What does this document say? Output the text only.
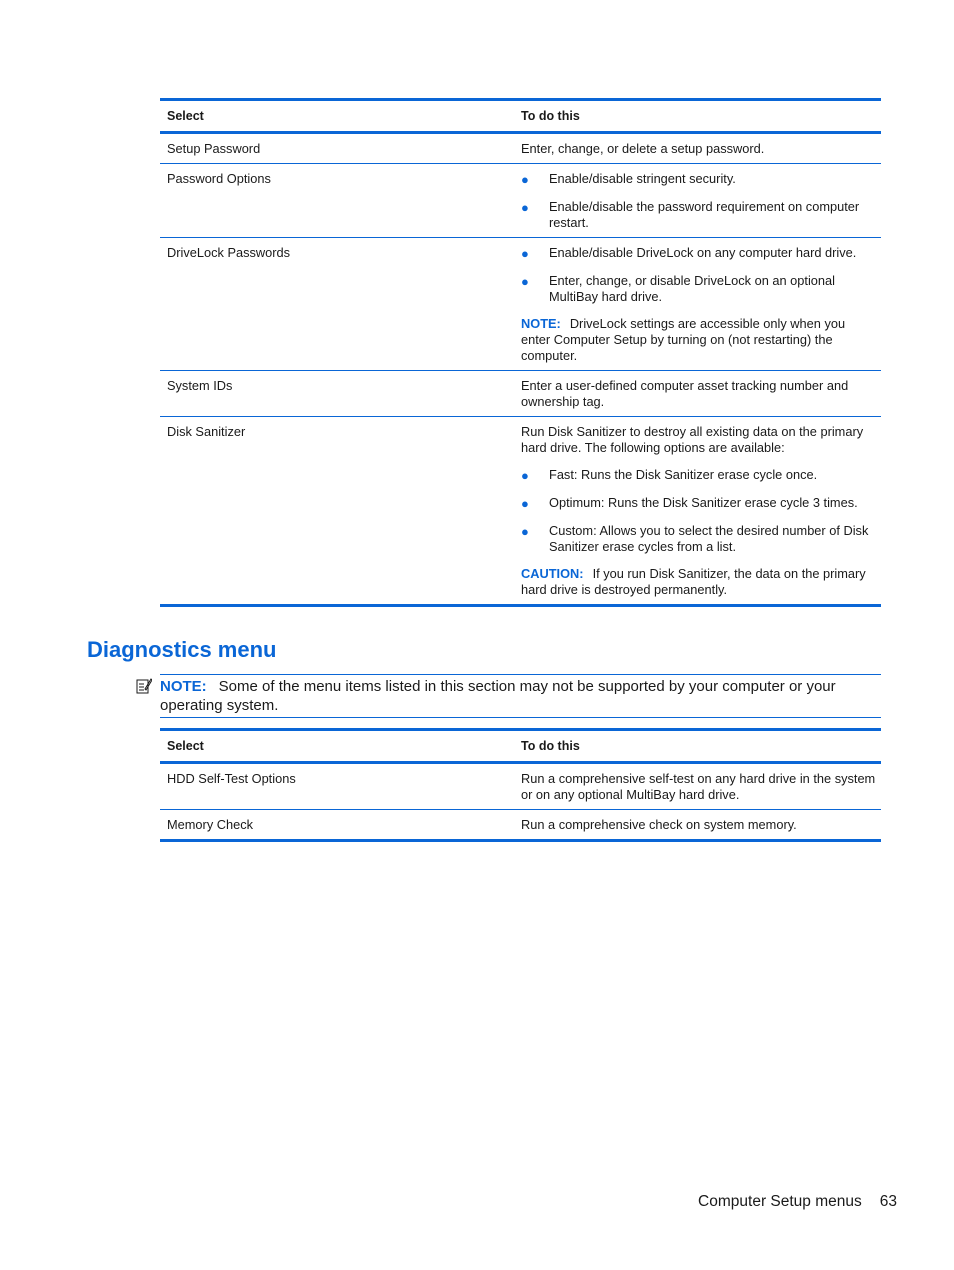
Select	To do this
Setup Password	Enter, change, or delete a setup password.
Password Options	●	Enable/disable stringent security.
●	Enable/disable the password requirement on computer restart.
DriveLock Passwords	●	Enable/disable DriveLock on any computer hard drive.
●	Enter, change, or disable DriveLock on an optional MultiBay hard drive.

NOTE: DriveLock settings are accessible only when you enter Computer Setup by turning on (not restarting) the computer.

System IDs	Enter a user-defined computer asset tracking number and ownership tag.

Disk Sanitizer	Run Disk Sanitizer to destroy all existing data on the primary hard drive. The following options are available:

●	Fast: Runs the Disk Sanitizer erase cycle once.
●	Optimum: Runs the Disk Sanitizer erase cycle 3 times.
●	Custom: Allows you to select the desired number of Disk Sanitizer erase cycles from a list.

CAUTION: If you run Disk Sanitizer, the data on the primary hard drive is destroyed permanently.

Diagnostics menu
NOTE: Some of the menu items listed in this section may not be supported by your computer or your operating system.
Select	To do this
HDD Self-Test Options	Run a comprehensive self-test on any hard drive in the system or on any optional MultiBay hard drive.

Memory Check	Run a comprehensive check on system memory.

Computer Setup menus 63
